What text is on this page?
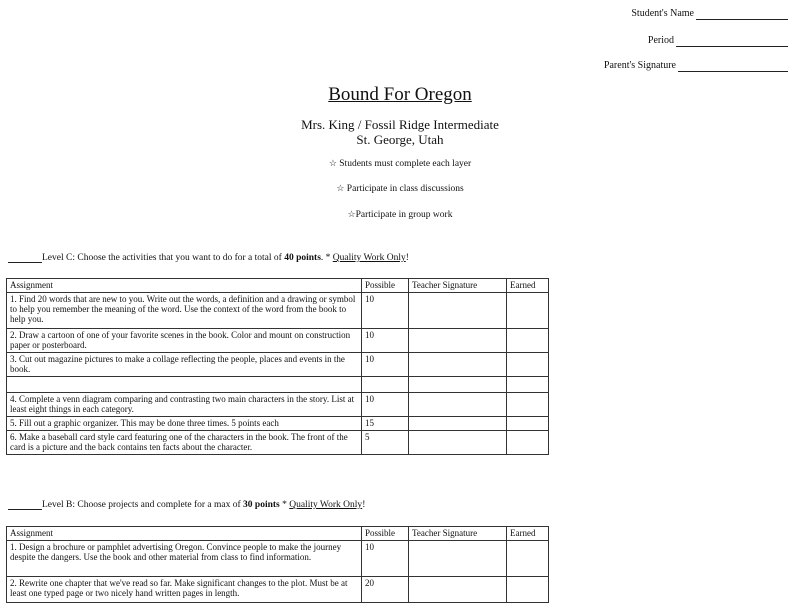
Student's Name
Period
Parent's Signature
Bound For Oregon
Mrs. King / Fossil Ridge Intermediate
St. George, Utah
☆ Students must complete each layer
☆ Participate in class discussions
☆Participate in group work
Level C: Choose the activities that you want to do for a total of 40 points. * Quality Work Only!
Assignment	Possible	Teacher Signature	Earned
1. Find 20 words that are new to you. Write out the words, a definition and a drawing or symbol to help you remember the meaning of the word. Use the context of the word from the book to help you.	10		
2. Draw a cartoon of one of your favorite scenes in the book. Color and mount on construction paper or posterboard.	10		
3. Cut out magazine pictures to make a collage reflecting the people, places and events in the book.	10		

4. Complete a venn diagram comparing and contrasting two main characters in the story. List at least eight things in each category.	10		
5. Fill out a graphic organizer. This may be done three times. 5 points each	15		
6. Make a baseball card style card featuring one of the characters in the book. The front of the card is a picture and the back contains ten facts about the character.	5		
Level B: Choose projects and complete for a max of 30 points * Quality Work Only!
Assignment	Possible	Teacher Signature	Earned
1. Design a brochure or pamphlet advertising Oregon. Convince people to make the journey despite the dangers. Use the book and other material from class to find information.	10		
2. Rewrite one chapter that we've read so far. Make significant changes to the plot. Must be at least one typed page or two nicely hand written pages in length.	20		
